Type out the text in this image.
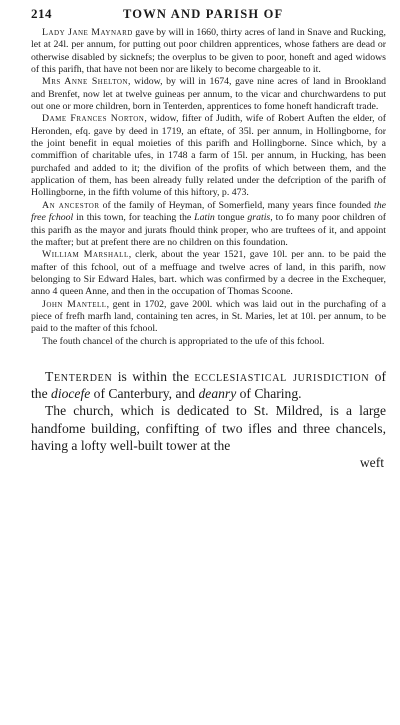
214	TOWN AND PARISH OF

Lady Jane Maynard gave by will in 1660, thirty acres of land in Snave and Rucking, let at 24l. per annum, for putting out poor children apprentices, whose fathers are dead or otherwise disabled by sicknefs; the overplus to be given to poor, honeft and aged widows of this parifh, that have not been nor are likely to become chargeable to it.

Mrs Anne Shelton, widow, by will in 1674, gave nine acres of land in Brookland and Brenfet, now let at twelve guineas per annum, to the vicar and churchwardens to put out one or more children, born in Tenterden, apprentices to fome honeft handicraft trade.

Dame Frances Norton, widow, fifter of Judith, wife of Robert Auften the elder, of Heronden, efq. gave by deed in 1719, an eftate, of 35l. per annum, in Hollingborne, for the joint benefit in equal moieties of this parifh and Hollingborne. Since which, by a commiffion of charitable ufes, in 1748 a farm of 15l. per annum, in Hucking, has been purchafed and added to it; the divifion of the profits of which between them, and the application of them, has been already fully related under the defcription of the parifh of Hollingborne, in the fifth volume of this hiftory, p. 473.

An ancestor of the family of Heyman, of Somerfield, many years fince founded the free fchool in this town, for teaching the Latin tongue gratis, to fo many poor children of this parifh as the mayor and jurats fhould think proper, who are truftees of it, and appoint the mafter; but at prefent there are no children on this foundation.

William Marshall, clerk, about the year 1521, gave 10l. per ann. to be paid the mafter of this fchool, out of a meffuage and twelve acres of land, in this parifh, now belonging to Sir Edward Hales, bart. which was confirmed by a decree in the Exchequer, anno 4 queen Anne, and then in the occupation of Thomas Scoone.

John Mantell, gent in 1702, gave 200l. which was laid out in the purchafing of a piece of frefh marfh land, containing ten acres, in St. Maries, let at 10l. per annum, to be paid to the mafter of this fchool.

The fouth chancel of the church is appropriated to the ufe of this fchool.

Tenterden is within the ecclesiastical jurisdiction of the diocefe of Canterbury, and deanry of Charing.

The church, which is dedicated to St. Mildred, is a large handfome building, confifting of two ifles and three chancels, having a lofty well-built tower at the

weft
